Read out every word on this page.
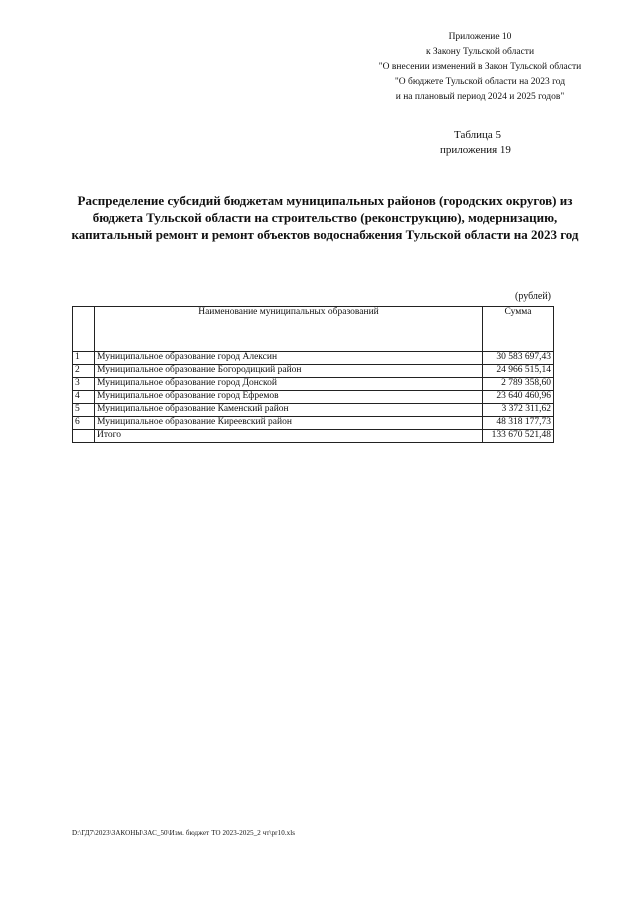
Приложение 10
к Закону Тульской области
"О внесении изменений в Закон Тульской области
"О бюджете Тульской области на 2023 год
и на плановый период 2024 и 2025 годов"
Таблица 5
приложения 19
Распределение субсидий бюджетам муниципальных районов (городских округов) из бюджета Тульской области на строительство (реконструкцию), модернизацию, капитальный ремонт и ремонт объектов водоснабжения Тульской области на 2023 год
(рублей)
	Наименование муниципальных образований	Сумма
1	Муниципальное образование город Алексин	30 583 697,43
2	Муниципальное образование Богородицкий район	24 966 515,14
3	Муниципальное образование город Донской	2 789 358,60
4	Муниципальное образование город Ефремов	23 640 460,96
5	Муниципальное образование Каменский район	3 372 311,62
6	Муниципальное образование Киреевский район	48 318 177,73
	Итого	133 670 521,48
D:\ГД7\2023\ЗАКОНЫ\ЗАС_50\Изм. бюджет ТО 2023-2025_2 чт\pr10.xls
